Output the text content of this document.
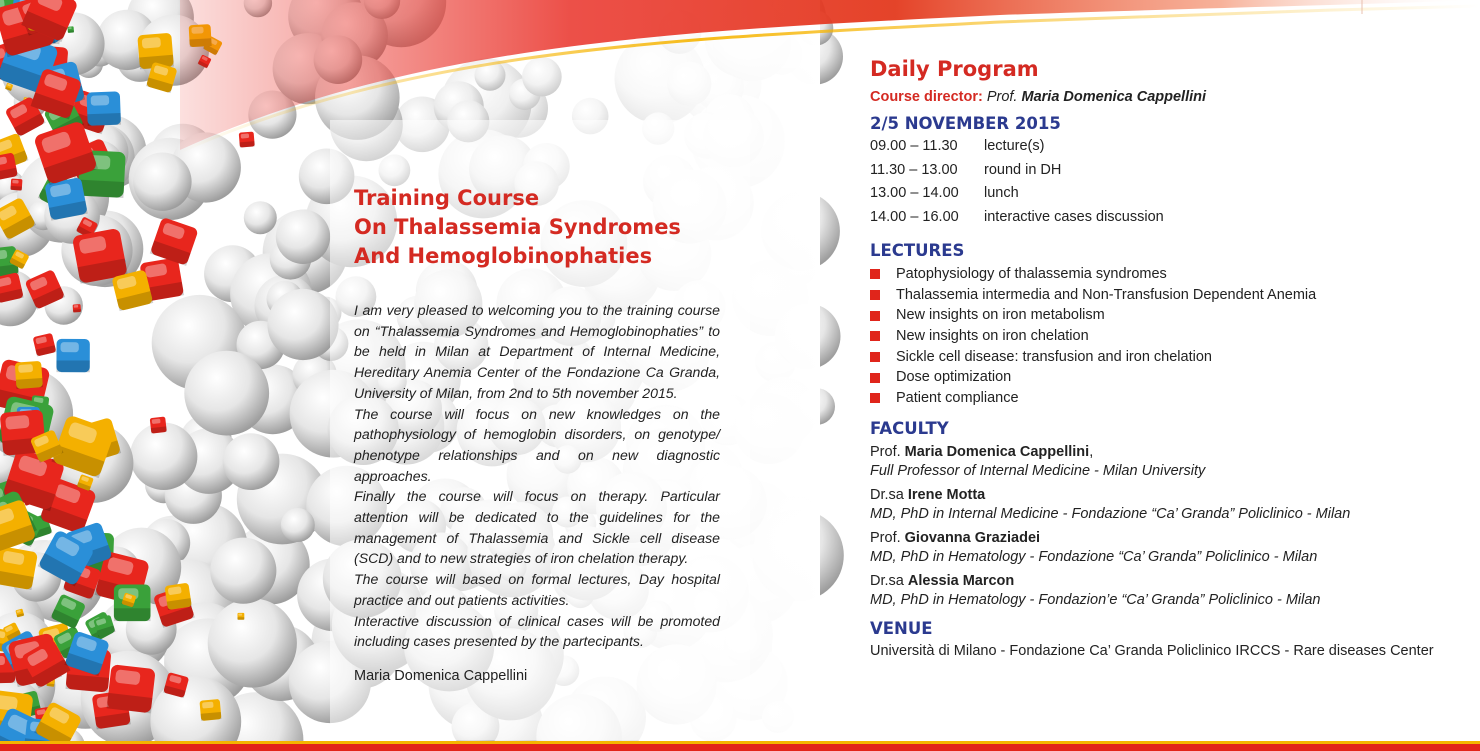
Training Course
On Thalassemia Syndromes
And Hemoglobinophaties

I am very pleased to welcoming you to the training course on “Thalassemia Syndromes and Hemoglobinophaties” to be held in Milan at Department of Internal Medicine, Hereditary Anemia Center of the Fondazione Ca Granda, University of Milan, from 2nd to 5th november 2015.

The course will focus on new knowledges on the pathophysiology of hemoglobin disorders, on genotype/ phenotype relationships and on new diagnostic approaches.

Finally the course will focus on therapy. Particular attention will be dedicated to the guidelines for the management of Thalassemia and Sickle cell disease (SCD) and to new strategies of iron chelation therapy.

The course will based on formal lectures, Day hospital practice and out patients activities.

Interactive discussion of clinical cases will be promoted including cases presented by the partecipants.

Maria Domenica Cappellini
Daily Program
Course director: Prof. Maria Domenica Cappellini
2/5 NOVEMBER 2015
09.00 – 11.30	lecture(s)
11.30 – 13.00	round in DH
13.00 – 14.00	lunch
14.00 – 16.00	interactive cases discussion
LECTURES
Patophysiology of thalassemia syndromes
Thalassemia intermedia and Non-Transfusion Dependent Anemia
New insights on iron metabolism
New insights on iron chelation
Sickle cell disease: transfusion and iron chelation
Dose optimization
Patient compliance
FACULTY
Prof. Maria Domenica Cappellini,
Full Professor of Internal Medicine - Milan University
Dr.sa Irene Motta
MD, PhD in Internal Medicine - Fondazione “Ca’ Granda” Policlinico - Milan
Prof. Giovanna Graziadei
MD, PhD in Hematology - Fondazione “Ca’ Granda” Policlinico - Milan
Dr.sa Alessia Marcon
MD, PhD in Hematology - Fondazion’e “Ca’ Granda” Policlinico - Milan
VENUE
Università di Milano - Fondazione Ca’ Granda Policlinico IRCCS - Rare diseases Center
